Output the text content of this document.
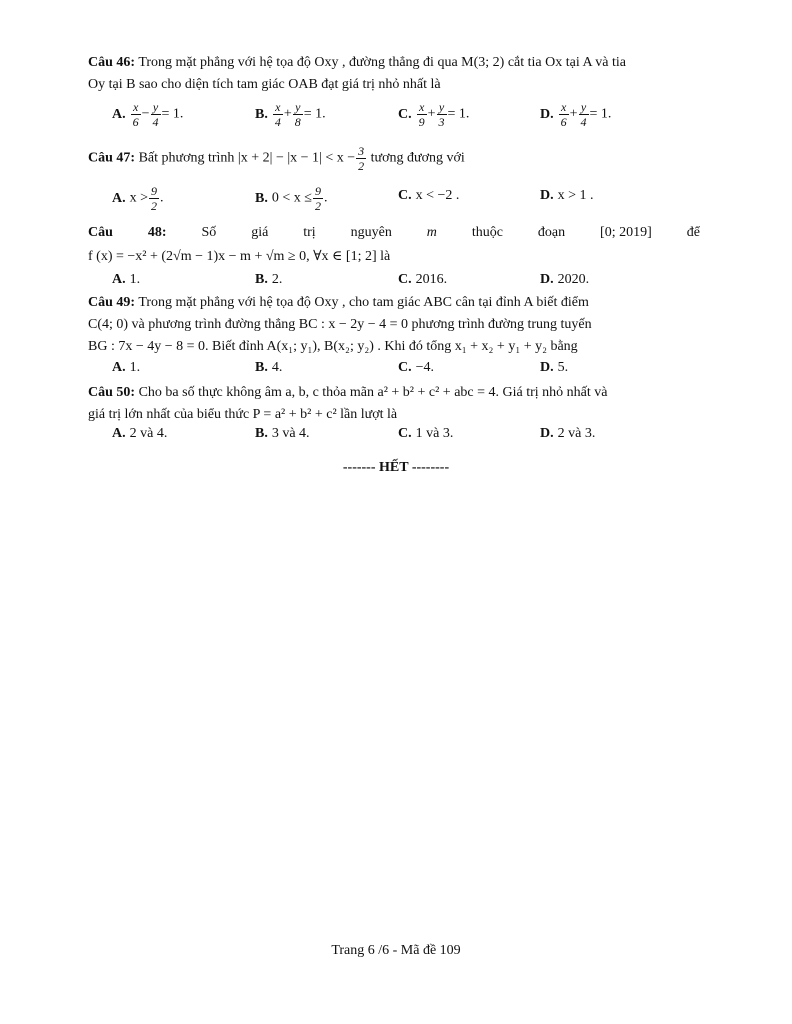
Câu 46: Trong mặt phẳng với hệ tọa độ Oxy , đường thẳng đi qua M(3; 2) cắt tia Ox tại A và tia
Oy tại B sao cho diện tích tam giác OAB đạt giá trị nhỏ nhất là
A. $\frac{x}{6} - \frac{y}{4} = 1$.	B. $\frac{x}{4} + \frac{y}{8} = 1$.	C. $\frac{x}{9} + \frac{y}{3} = 1$.	D. $\frac{x}{6} + \frac{y}{4} = 1$.
Câu 47: Bất phương trình $|x + 2| - |x - 1| < x - \frac{3}{2}$ tương đương với
A. $x > \frac{9}{2}$ .	B. $0 < x \le \frac{9}{2}$ .	C. x < −2 .	D. x > 1 .
Câu 48: Số giá trị nguyên m thuộc đoạn [0; 2019] để
f (x) = −x² + (2√m − 1)x − m + √m ≥ 0, ∀x ∈ [1; 2] là
A. 1.	B. 2.	C. 2016.	D. 2020.
Câu 49: Trong mặt phẳng với hệ tọa độ Oxy , cho tam giác ABC cân tại đỉnh A biết điểm
C(4; 0) và phương trình đường thẳng BC : x − 2y − 4 = 0 phương trình đường trung tuyến
BG : 7x − 4y − 8 = 0. Biết đỉnh A(x₁; y₁), B(x₂; y₂) . Khi đó tổng x₁ + x₂ + y₁ + y₂ bằng
A. 1.	B. 4.	C. −4.	D. 5.
Câu 50: Cho ba số thực không âm a, b, c thỏa mãn a² + b² + c² + abc = 4. Giá trị nhỏ nhất và
giá trị lớn nhất của biểu thức P = a² + b² + c² lần lượt là
A. 2 và 4.	B. 3 và 4.	C. 1 và 3.	D. 2 và 3.
------- HẾT --------
Trang 6 /6 - Mã đề 109
